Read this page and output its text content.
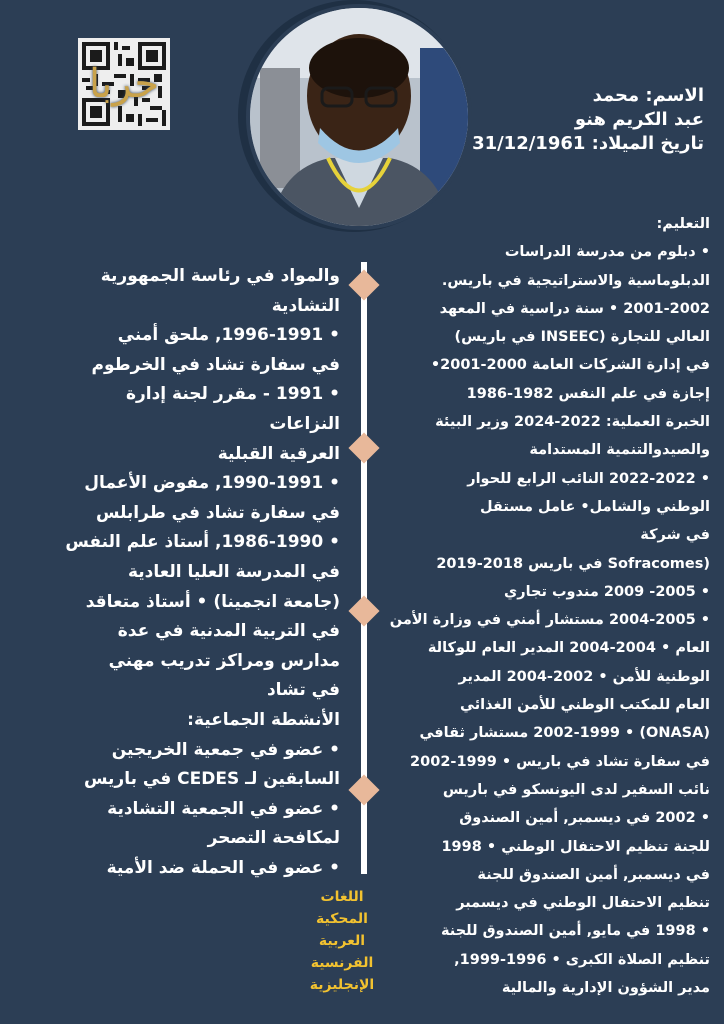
حربا	الاسم: محمد
عبد الكريم هنو
تاريخ الميلاد: 31/12/1961

التعليم:

• دبلوم من مدرسة الدراسات

الدبلوماسية والاستراتيجية في باريس.

2001-2002 • سنة دراسية في المعهد

العالي للتجارة (INSEEC في باريس)

في إدارة الشركات العامة 2000-2001•

إجازة في علم النفس 1982-1986

الخبرة العملية: 2022-2024 وزير البيئة

والصيدوالتنمية المستدامة

• 2022-2022 النائب الرابع للحوار

الوطني والشامل• عامل مستقل

في شركة

(Sofracomes في باريس 2018-2019

• 2005- 2009 مندوب تجاري

• 2004-2005 مستشار أمني في وزارة الأمن

العام • 2004-2004 المدير العام للوكالة

الوطنية للأمن • 2002-2004 المدير

العام للمكتب الوطني للأمن الغذائي

(ONASA) • 2002-1999 مستشار ثقافي

في سفارة تشاد في باريس • 1999-2002

نائب السفير لدى اليونسكو في باريس

• 2002 في ديسمبر, أمين الصندوق

للجنة تنظيم الاحتفال الوطني • 1998

في ديسمبر, أمين الصندوق للجنة

تنظيم الاحتفال الوطني في ديسمبر

• 1998 في مايو, أمين الصندوق للجنة

تنظيم الصلاة الكبرى • 1996-1999,

مدير الشؤون الإدارية والمالية

والمواد في رئاسة الجمهورية

التشادية

• 1996-1991, ملحق أمني

في سفارة تشاد في الخرطوم

• 1991 - مقرر لجنة إدارة النزاعات

العرقية القبلية

• 1990-1991, مفوض الأعمال

في سفارة تشاد في طرابلس

• 1986-1990, أستاذ علم النفس

في المدرسة العليا العادية

(جامعة انجمينا) • أستاذ متعاقد

في التربية المدنية في عدة

مدارس ومراكز تدريب مهني

في تشاد

الأنشطة الجماعية:

• عضو في جمعية الخريجين

السابقين لـ CEDES في باريس

• عضو في الجمعية التشادية

لمكافحة التصحر

• عضو في الحملة ضد الأمية

اللغات
المحكية
العربية
الفرنسية
الإنجليزية
